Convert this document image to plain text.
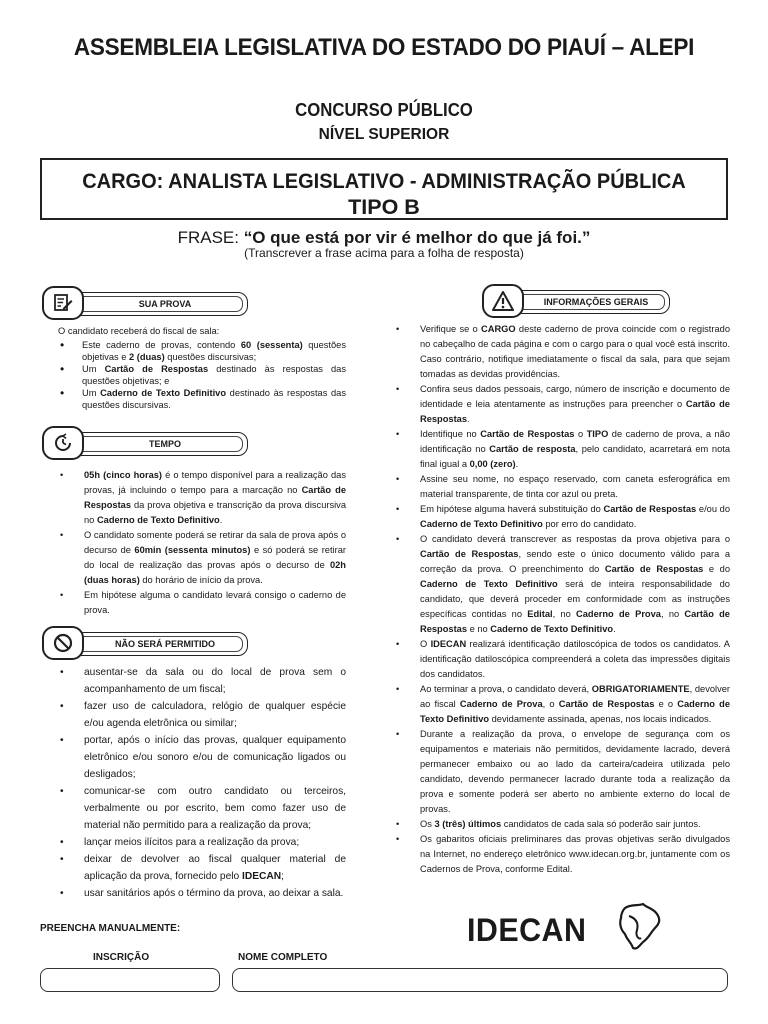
ASSEMBLEIA LEGISLATIVA DO ESTADO DO PIAUÍ – ALEPI
CONCURSO PÚBLICO
NÍVEL SUPERIOR
CARGO: ANALISTA LEGISLATIVO - ADMINISTRAÇÃO PÚBLICA
TIPO B
FRASE: “O que está por vir é melhor do que já foi.”
(Transcrever a frase acima para a folha de resposta)
SUA PROVA

O candidato receberá do fiscal de sala:

• Este caderno de provas, contendo 60 (sessenta) questões objetivas e 2 (duas) questões discursivas;
• Um Cartão de Respostas destinado às respostas das questões objetivas; e
• Um Caderno de Texto Definitivo destinado às respostas das questões discursivas.
TEMPO
• 05h (cinco horas) é o tempo disponível para a realização das provas, já incluindo o tempo para a marcação no Cartão de Respostas da prova objetiva e transcrição da prova discursiva no Caderno de Texto Definitivo.
• O candidato somente poderá se retirar da sala de prova após o decurso de 60min (sessenta minutos) e só poderá se retirar do local de realização das provas após o decurso de 02h (duas horas) do horário de início da prova.
• Em hipótese alguma o candidato levará consigo o caderno de prova.
NÃO SERÁ PERMITIDO
• ausentar-se da sala ou do local de prova sem o acompanhamento de um fiscal;
• fazer uso de calculadora, relógio de qualquer espécie e/ou agenda eletrônica ou similar;
• portar, após o início das provas, qualquer equipamento eletrônico e/ou sonoro e/ou de comunicação ligados ou desligados;
• comunicar-se com outro candidato ou terceiros, verbalmente ou por escrito, bem como fazer uso de material não permitido para a realização da prova;
• lançar meios ilícitos para a realização da prova;
• deixar de devolver ao fiscal qualquer material de aplicação da prova, fornecido pelo IDECAN;
• usar sanitários após o término da prova, ao deixar a sala.
INFORMAÇÕES GERAIS
• Verifique se o CARGO deste caderno de prova coincide com o registrado no cabeçalho de cada página e com o cargo para o qual você está inscrito. Caso contrário, notifique imediatamente o fiscal da sala, para que sejam tomadas as devidas providências.
• Confira seus dados pessoais, cargo, número de inscrição e documento de identidade e leia atentamente as instruções para preencher o Cartão de Respostas.
• Identifique no Cartão de Respostas o TIPO de caderno de prova, a não identificação no Cartão de resposta, pelo candidato, acarretará em nota final igual a 0,00 (zero).
• Assine seu nome, no espaço reservado, com caneta esferográfica em material transparente, de tinta cor azul ou preta.
• Em hipótese alguma haverá substituição do Cartão de Respostas e/ou do Caderno de Texto Definitivo por erro do candidato.
• O candidato deverá transcrever as respostas da prova objetiva para o Cartão de Respostas, sendo este o único documento válido para a correção da prova. O preenchimento do Cartão de Respostas e do Caderno de Texto Definitivo será de inteira responsabilidade do candidato, que deverá proceder em conformidade com as instruções específicas contidas no Edital, no Caderno de Prova, no Cartão de Respostas e no Caderno de Texto Definitivo.
• O IDECAN realizará identificação datiloscópica de todos os candidatos. A identificação datiloscópica compreenderá a coleta das impressões digitais dos candidatos.
• Ao terminar a prova, o candidato deverá, OBRIGATORIAMENTE, devolver ao fiscal Caderno de Prova, o Cartão de Respostas e o Caderno de Texto Definitivo devidamente assinada, apenas, nos locais indicados.
• Durante a realização da prova, o envelope de segurança com os equipamentos e materiais não permitidos, devidamente lacrado, deverá permanecer embaixo ou ao lado da carteira/cadeira utilizada pelo candidato, devendo permanecer lacrado durante toda a realização da prova e somente poderá ser aberto no ambiente externo do local de provas.
• Os 3 (três) últimos candidatos de cada sala só poderão sair juntos.
• Os gabaritos oficiais preliminares das provas objetivas serão divulgados na Internet, no endereço eletrônico www.idecan.org.br, juntamente com os Cadernos de Prova, conforme Edital.
PREENCHA MANUALMENTE:
INSCRIÇÃO	NOME COMPLETO
IDECAN
